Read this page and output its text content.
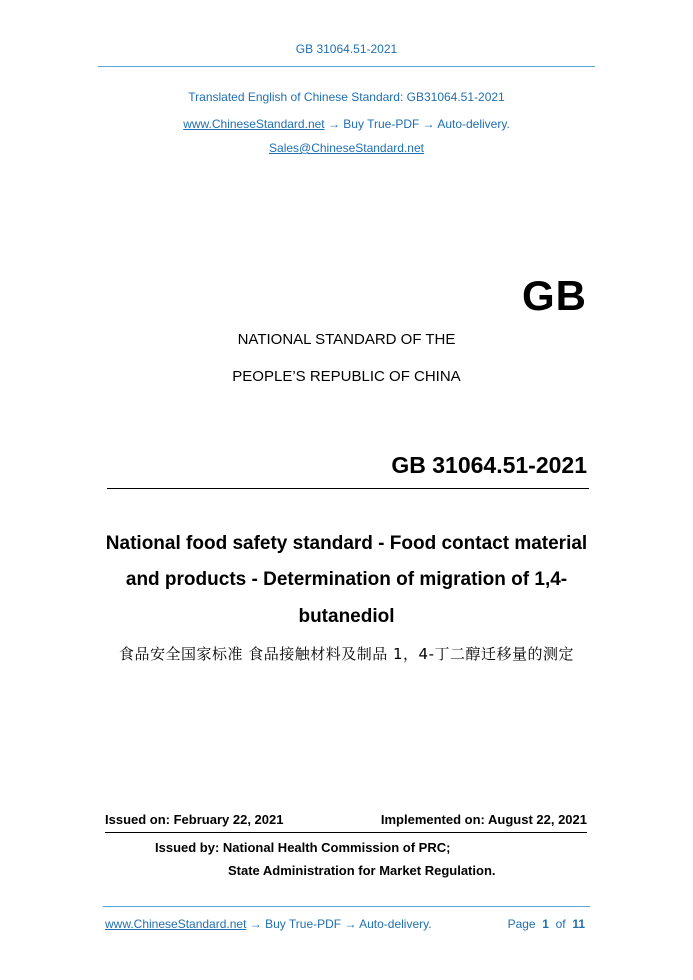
GB 31064.51-2021
Translated English of Chinese Standard: GB31064.51-2021
www.ChineseStandard.net → Buy True-PDF → Auto-delivery.
Sales@ChineseStandard.net
GB
NATIONAL STANDARD OF THE
PEOPLE’S REPUBLIC OF CHINA
GB 31064.51-2021
National food safety standard - Food contact material
and products - Determination of migration of 1,4-
butanediol
食品安全国家标准 食品接触材料及制品 1，4-丁二醇迁移量的测定
Issued on: February 22, 2021	Implemented on: August 22, 2021
Issued by: National Health Commission of PRC;
State Administration for Market Regulation.
www.ChineseStandard.net → Buy True-PDF → Auto-delivery.	Page 1 of 11
